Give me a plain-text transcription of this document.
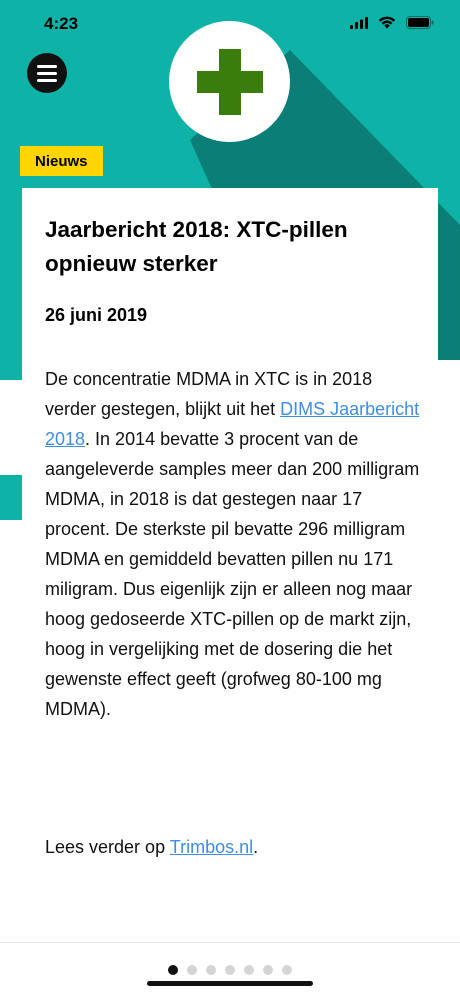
4:23
Nieuws
Jaarbericht 2018: XTC-pillen opnieuw sterker
26 juni 2019

De concentratie MDMA in XTC is in 2018 verder gestegen, blijkt uit het DIMS Jaarbericht 2018. In 2014 bevatte 3 procent van de aangeleverde samples meer dan 200 milligram MDMA, in 2018 is dat gestegen naar 17 procent. De sterkste pil bevatte 296 milligram MDMA en gemiddeld bevatten pillen nu 171 miligram. Dus eigenlijk zijn er alleen nog maar hoog gedoseerde XTC-pillen op de markt zijn, hoog in vergelijking met de dosering die het gewenste effect geeft (grofweg 80-100 mg MDMA).

Lees verder op Trimbos.nl.
